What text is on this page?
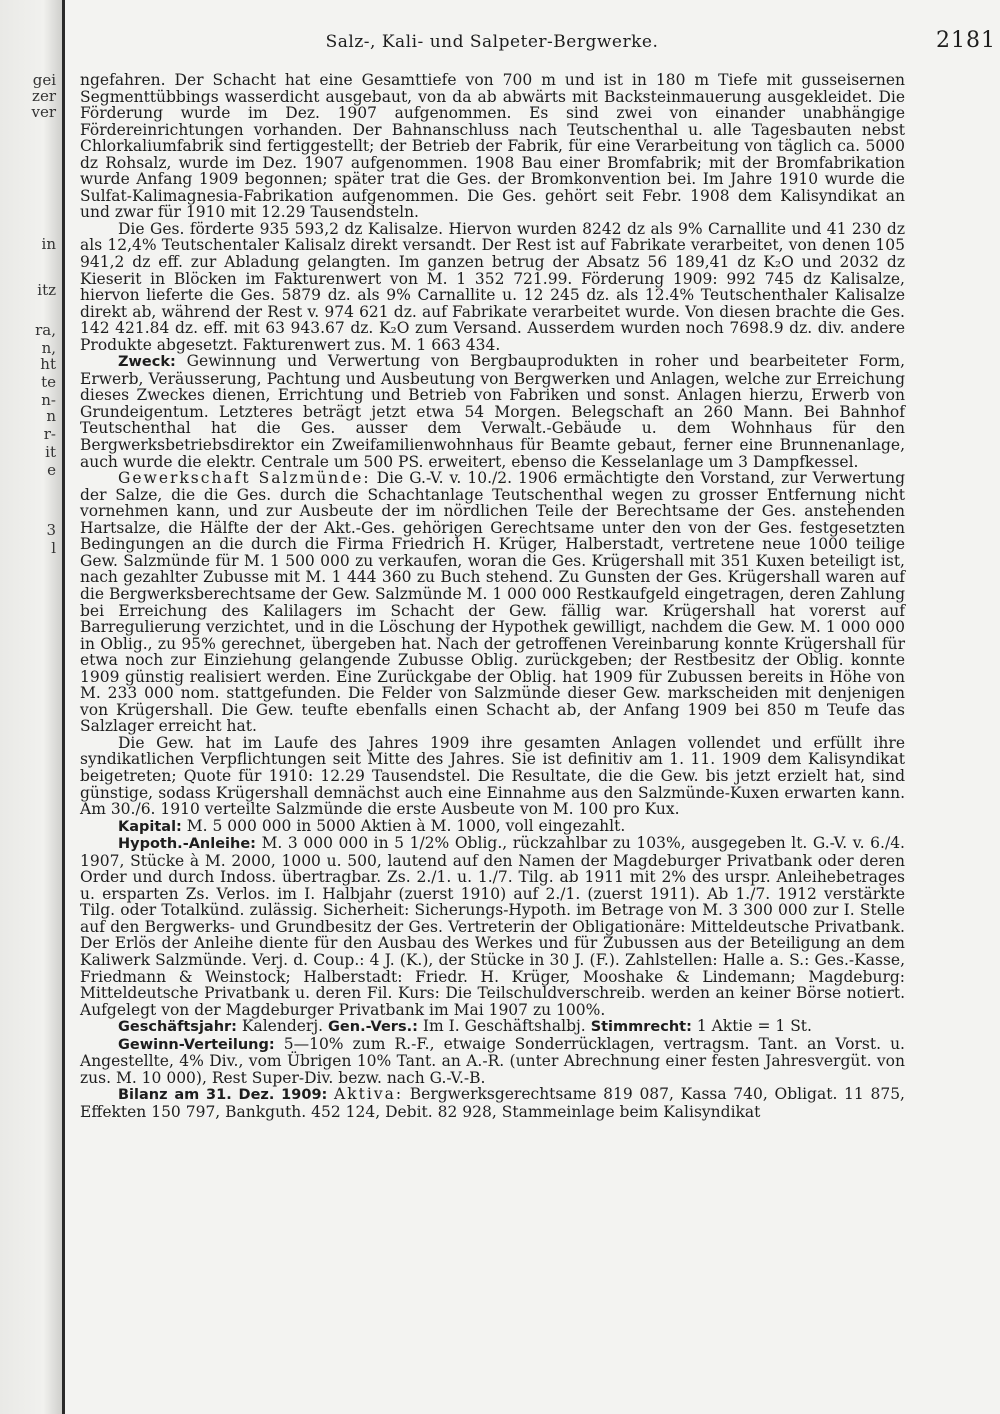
gei
zer
ver
in
itz
ra,
n,
ht
te
n-
n
r-
it
e
3
l
Salz-, Kali- und Salpeter-Bergwerke.	2181

ngefahren. Der Schacht hat eine Gesamttiefe von 700 m und ist in 180 m Tiefe mit gusseisernen Segmenttübbings wasserdicht ausgebaut, von da ab abwärts mit Backsteinmauerung ausgekleidet. Die Förderung wurde im Dez. 1907 aufgenommen. Es sind zwei von einander unabhängige Fördereinrichtungen vorhanden. Der Bahnanschluss nach Teutschenthal u. alle Tagesbauten nebst Chlorkaliumfabrik sind fertiggestellt; der Betrieb der Fabrik, für eine Verarbeitung von täglich ca. 5000 dz Rohsalz, wurde im Dez. 1907 aufgenommen. 1908 Bau einer Bromfabrik; mit der Bromfabrikation wurde Anfang 1909 begonnen; später trat die Ges. der Bromkonvention bei. Im Jahre 1910 wurde die Sulfat-Kalimagnesia-Fabrikation aufgenommen. Die Ges. gehört seit Febr. 1908 dem Kalisyndikat an und zwar für 1910 mit 12.29 Tausendsteln.

Die Ges. förderte 935 593,2 dz Kalisalze. Hiervon wurden 8242 dz als 9% Carnallite und 41 230 dz als 12,4% Teutschentaler Kalisalz direkt versandt. Der Rest ist auf Fabrikate verarbeitet, von denen 105 941,2 dz eff. zur Abladung gelangten. Im ganzen betrug der Absatz 56 189,41 dz K₂O und 2032 dz Kieserit in Blöcken im Fakturenwert von M. 1 352 721.99. Förderung 1909: 992 745 dz Kalisalze, hiervon lieferte die Ges. 5879 dz. als 9% Carnallite u. 12 245 dz. als 12.4% Teutschenthaler Kalisalze direkt ab, während der Rest v. 974 621 dz. auf Fabrikate verarbeitet wurde. Von diesen brachte die Ges. 142 421.84 dz. eff. mit 63 943.67 dz. K₂O zum Versand. Ausserdem wurden noch 7698.9 dz. div. andere Produkte abgesetzt. Fakturenwert zus. M. 1 663 434.

Zweck: Gewinnung und Verwertung von Bergbauprodukten in roher und bearbeiteter Form, Erwerb, Veräusserung, Pachtung und Ausbeutung von Bergwerken und Anlagen, welche zur Erreichung dieses Zweckes dienen, Errichtung und Betrieb von Fabriken und sonst. Anlagen hierzu, Erwerb von Grundeigentum. Letzteres beträgt jetzt etwa 54 Morgen. Belegschaft an 260 Mann. Bei Bahnhof Teutschenthal hat die Ges. ausser dem Verwalt.-Gebäude u. dem Wohnhaus für den Bergwerksbetriebsdirektor ein Zweifamilienwohnhaus für Beamte gebaut, ferner eine Brunnenanlage, auch wurde die elektr. Centrale um 500 PS. erweitert, ebenso die Kesselanlage um 3 Dampfkessel.

Gewerkschaft Salzmünde: Die G.-V. v. 10./2. 1906 ermächtigte den Vorstand, zur Verwertung der Salze, die die Ges. durch die Schachtanlage Teutschenthal wegen zu grosser Entfernung nicht vornehmen kann, und zur Ausbeute der im nördlichen Teile der Berechtsame der Ges. anstehenden Hartsalze, die Hälfte der der Akt.-Ges. gehörigen Gerechtsame unter den von der Ges. festgesetzten Bedingungen an die durch die Firma Friedrich H. Krüger, Halberstadt, vertretene neue 1000 teilige Gew. Salzmünde für M. 1 500 000 zu verkaufen, woran die Ges. Krügershall mit 351 Kuxen beteiligt ist, nach gezahlter Zubusse mit M. 1 444 360 zu Buch stehend. Zu Gunsten der Ges. Krügershall waren auf die Bergwerksberechtsame der Gew. Salzmünde M. 1 000 000 Restkaufgeld eingetragen, deren Zahlung bei Erreichung des Kalilagers im Schacht der Gew. fällig war. Krügershall hat vorerst auf Barregulierung verzichtet, und in die Löschung der Hypothek gewilligt, nachdem die Gew. M. 1 000 000 in Oblig., zu 95% gerechnet, übergeben hat. Nach der getroffenen Vereinbarung konnte Krügershall für etwa noch zur Einziehung gelangende Zubusse Oblig. zurückgeben; der Restbesitz der Oblig. konnte 1909 günstig realisiert werden. Eine Zurückgabe der Oblig. hat 1909 für Zubussen bereits in Höhe von M. 233 000 nom. stattgefunden. Die Felder von Salzmünde dieser Gew. markscheiden mit denjenigen von Krügershall. Die Gew. teufte ebenfalls einen Schacht ab, der Anfang 1909 bei 850 m Teufe das Salzlager erreicht hat.

Die Gew. hat im Laufe des Jahres 1909 ihre gesamten Anlagen vollendet und erfüllt ihre syndikatlichen Verpflichtungen seit Mitte des Jahres. Sie ist definitiv am 1. 11. 1909 dem Kalisyndikat beigetreten; Quote für 1910: 12.29 Tausendstel. Die Resultate, die die Gew. bis jetzt erzielt hat, sind günstige, sodass Krügershall demnächst auch eine Einnahme aus den Salzmünde-Kuxen erwarten kann. Am 30./6. 1910 verteilte Salzmünde die erste Ausbeute von M. 100 pro Kux.

Kapital: M. 5 000 000 in 5000 Aktien à M. 1000, voll eingezahlt.

Hypoth.-Anleihe: M. 3 000 000 in 5 1/2% Oblig., rückzahlbar zu 103%, ausgegeben lt. G.-V. v. 6./4. 1907, Stücke à M. 2000, 1000 u. 500, lautend auf den Namen der Magdeburger Privatbank oder deren Order und durch Indoss. übertragbar. Zs. 2./1. u. 1./7. Tilg. ab 1911 mit 2% des urspr. Anleihebetrages u. ersparten Zs. Verlos. im I. Halbjahr (zuerst 1910) auf 2./1. (zuerst 1911). Ab 1./7. 1912 verstärkte Tilg. oder Totalkünd. zulässig. Sicherheit: Sicherungs-Hypoth. im Betrage von M. 3 300 000 zur I. Stelle auf den Bergwerks- und Grundbesitz der Ges. Vertreterin der Obligationäre: Mitteldeutsche Privatbank. Der Erlös der Anleihe diente für den Ausbau des Werkes und für Zubussen aus der Beteiligung an dem Kaliwerk Salzmünde. Verj. d. Coup.: 4 J. (K.), der Stücke in 30 J. (F.). Zahlstellen: Halle a. S.: Ges.-Kasse, Friedmann & Weinstock; Halberstadt: Friedr. H. Krüger, Mooshake & Lindemann; Magdeburg: Mitteldeutsche Privatbank u. deren Fil. Kurs: Die Teilschuldverschreib. werden an keiner Börse notiert. Aufgelegt von der Magdeburger Privatbank im Mai 1907 zu 100%.

Geschäftsjahr: Kalenderj. Gen.-Vers.: Im I. Geschäftshalbj. Stimmrecht: 1 Aktie = 1 St.

Gewinn-Verteilung: 5—10% zum R.-F., etwaige Sonderrücklagen, vertragsm. Tant. an Vorst. u. Angestellte, 4% Div., vom Übrigen 10% Tant. an A.-R. (unter Abrechnung einer festen Jahresvergüt. von zus. M. 10 000), Rest Super-Div. bezw. nach G.-V.-B.

Bilanz am 31. Dez. 1909: Aktiva: Bergwerksgerechtsame 819 087, Kassa 740, Obligat. 11 875, Effekten 150 797, Bankguth. 452 124, Debit. 82 928, Stammeinlage beim Kalisyndikat
